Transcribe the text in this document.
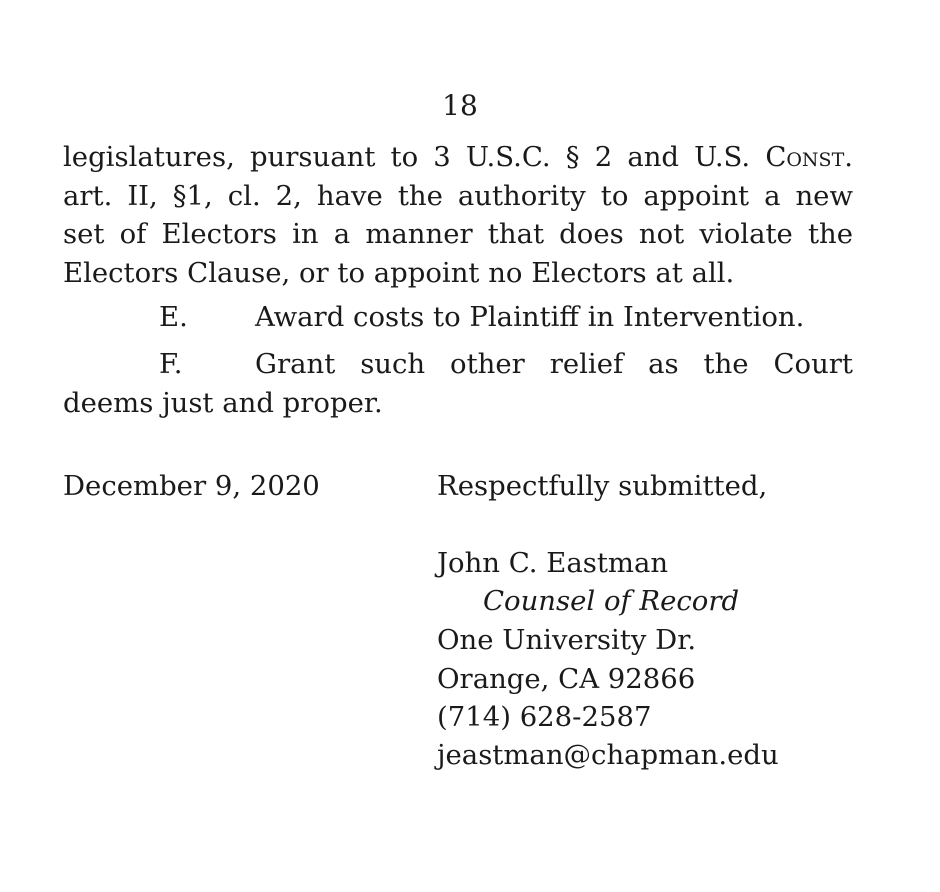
18

legislatures, pursuant to 3 U.S.C. § 2 and U.S. Const.
art. II, §1, cl. 2, have the authority to appoint a new
set of Electors in a manner that does not violate the
Electors Clause, or to appoint no Electors at all.

E. Award costs to Plaintiff in Intervention.

F.	Grant such other relief as the Court
deems just and proper.

December 9, 2020	Respectfully submitted,
John C. Eastman
Counsel of Record
One University Dr.
Orange, CA 92866
(714) 628-2587
jeastman@chapman.edu
